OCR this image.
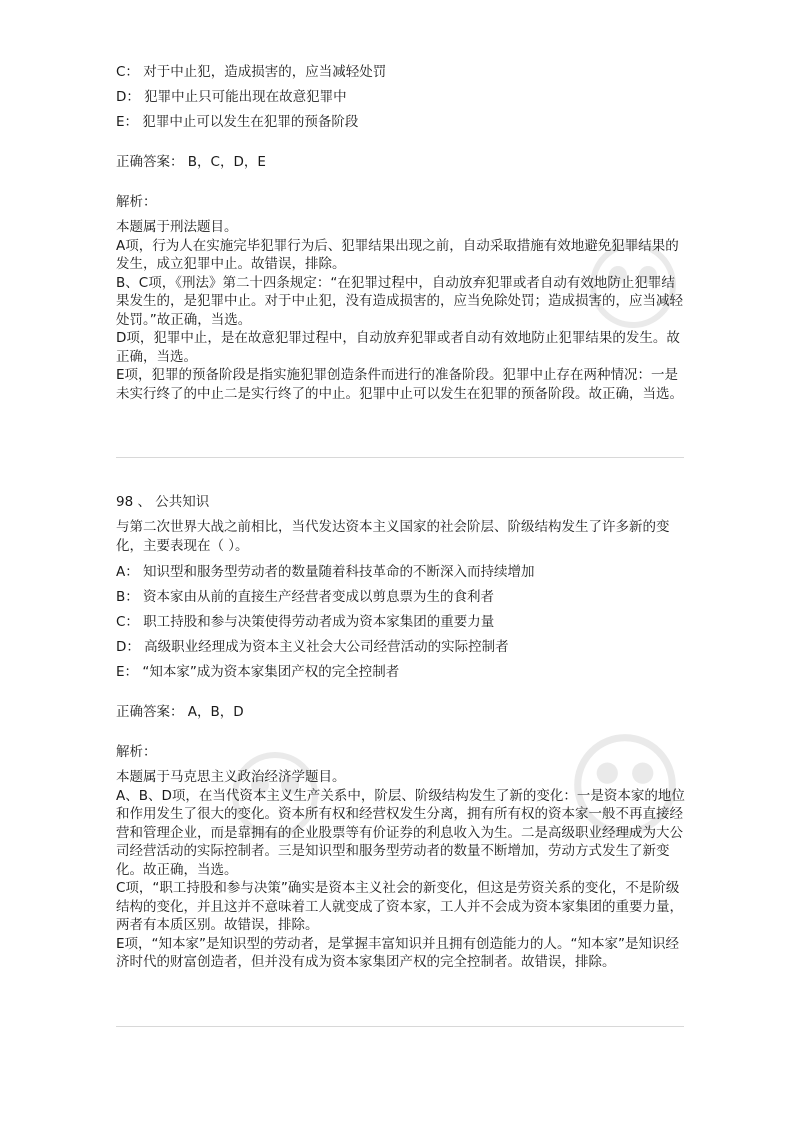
C： 对于中止犯，造成损害的，应当减轻处罚
D： 犯罪中止只可能出现在故意犯罪中
E： 犯罪中止可以发生在犯罪的预备阶段
正确答案： B，C，D，E
解析：

本题属于刑法题目。

A项，行为人在实施完毕犯罪行为后、犯罪结果出现之前，自动采取措施有效地避免犯罪结果的发生，成立犯罪中止。故错误，排除。

B、C项，《刑法》第二十四条规定：“在犯罪过程中，自动放弃犯罪或者自动有效地防止犯罪结果发生的，是犯罪中止。对于中止犯，没有造成损害的，应当免除处罚；造成损害的，应当减轻处罚。”故正确，当选。

D项，犯罪中止，是在故意犯罪过程中，自动放弃犯罪或者自动有效地防止犯罪结果的发生。故正确，当选。

E项，犯罪的预备阶段是指实施犯罪创造条件而进行的准备阶段。犯罪中止存在两种情况：一是未实行终了的中止二是实行终了的中止。犯罪中止可以发生在犯罪的预备阶段。故正确，当选。

98 、 公共知识
与第二次世界大战之前相比，当代发达资本主义国家的社会阶层、阶级结构发生了许多新的变化，主要表现在（ ）。
A： 知识型和服务型劳动者的数量随着科技革命的不断深入而持续增加
B： 资本家由从前的直接生产经营者变成以剪息票为生的食利者
C： 职工持股和参与决策使得劳动者成为资本家集团的重要力量
D： 高级职业经理成为资本主义社会大公司经营活动的实际控制者
E： “知本家”成为资本家集团产权的完全控制者
正确答案： A，B，D
解析：

本题属于马克思主义政治经济学题目。

A、B、D项，在当代资本主义生产关系中，阶层、阶级结构发生了新的变化：一是资本家的地位和作用发生了很大的变化。资本所有权和经营权发生分离，拥有所有权的资本家一般不再直接经营和管理企业，而是靠拥有的企业股票等有价证券的利息收入为生。二是高级职业经理成为大公司经营活动的实际控制者。三是知识型和服务型劳动者的数量不断增加，劳动方式发生了新变化。故正确，当选。

C项，“职工持股和参与决策”确实是资本主义社会的新变化，但这是劳资关系的变化，不是阶级结构的变化，并且这并不意味着工人就变成了资本家，工人并不会成为资本家集团的重要力量，两者有本质区别。故错误，排除。

E项，“知本家”是知识型的劳动者，是掌握丰富知识并且拥有创造能力的人。“知本家”是知识经济时代的财富创造者，但并没有成为资本家集团产权的完全控制者。故错误，排除。
